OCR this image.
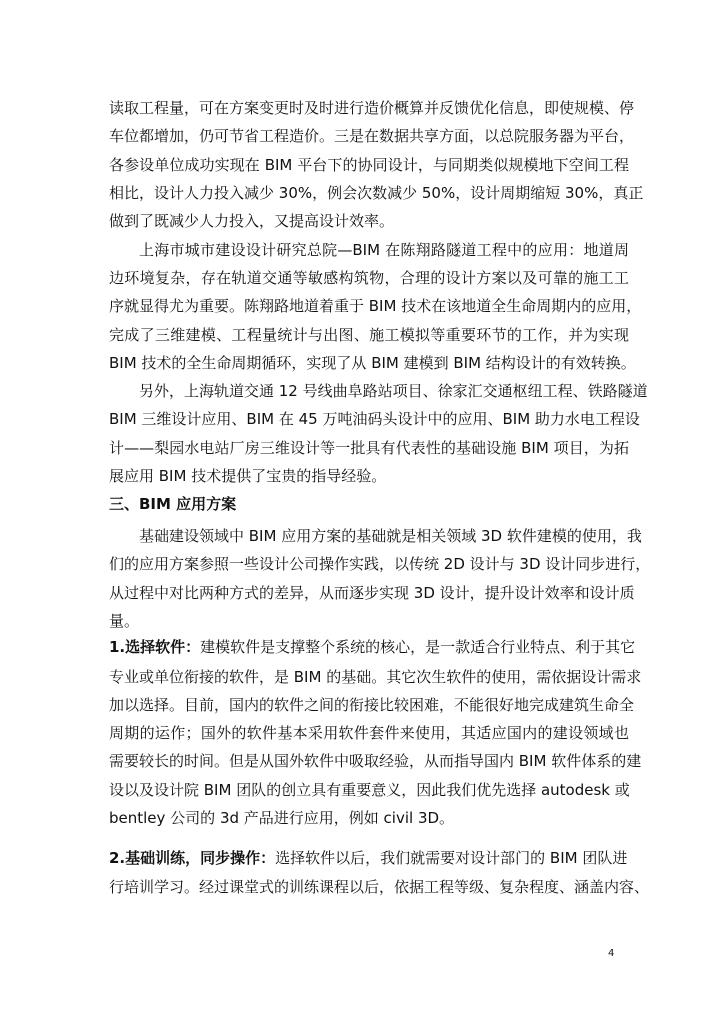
读取工程量，可在方案变更时及时进行造价概算并反馈优化信息，即使规模、停
车位都增加，仍可节省工程造价。三是在数据共享方面，以总院服务器为平台，
各参设单位成功实现在 BIM 平台下的协同设计，与同期类似规模地下空间工程
相比，设计人力投入减少 30%，例会次数减少 50%，设计周期缩短 30%，真正
做到了既减少人力投入，又提高设计效率。
上海市城市建设设计研究总院—BIM 在陈翔路隧道工程中的应用：地道周
边环境复杂，存在轨道交通等敏感构筑物，合理的设计方案以及可靠的施工工
序就显得尤为重要。陈翔路地道着重于 BIM 技术在该地道全生命周期内的应用，
完成了三维建模、工程量统计与出图、施工模拟等重要环节的工作，并为实现
BIM 技术的全生命周期循环，实现了从 BIM 建模到 BIM 结构设计的有效转换。
另外，上海轨道交通 12 号线曲阜路站项目、徐家汇交通枢纽工程、铁路隧道
BIM 三维设计应用、BIM 在 45 万吨油码头设计中的应用、BIM 助力水电工程设
计——梨园水电站厂房三维设计等一批具有代表性的基础设施 BIM 项目，为拓
展应用 BIM 技术提供了宝贵的指导经验。
三、BIM 应用方案
基础建设领域中 BIM 应用方案的基础就是相关领域 3D 软件建模的使用，我
们的应用方案参照一些设计公司操作实践，以传统 2D 设计与 3D 设计同步进行，
从过程中对比两种方式的差异，从而逐步实现 3D 设计，提升设计效率和设计质
量。
1.选择软件：建模软件是支撑整个系统的核心，是一款适合行业特点、利于其它
专业或单位衔接的软件，是 BIM 的基础。其它次生软件的使用，需依据设计需求
加以选择。目前，国内的软件之间的衔接比较困难，不能很好地完成建筑生命全
周期的运作；国外的软件基本采用软件套件来使用，其适应国内的建设领域也
需要较长的时间。但是从国外软件中吸取经验，从而指导国内 BIM 软件体系的建
设以及设计院 BIM 团队的创立具有重要意义，因此我们优先选择 autodesk 或
bentley 公司的 3d 产品进行应用，例如 civil 3D。
2.基础训练，同步操作：选择软件以后，我们就需要对设计部门的 BIM 团队进
行培训学习。经过课堂式的训练课程以后，依据工程等级、复杂程度、涵盖内容、
4
